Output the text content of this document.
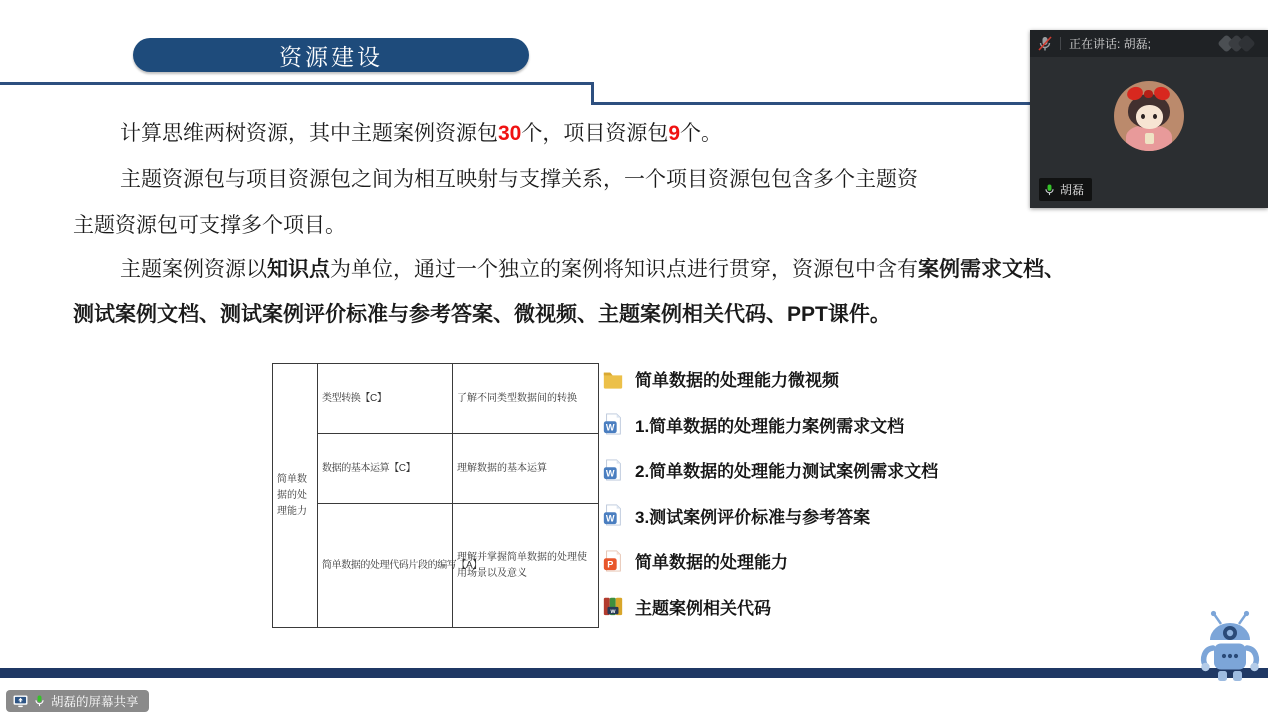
资源建设
计算思维两树资源，其中主题案例资源包30个，项目资源包9个。
主题资源包与项目资源包之间为相互映射与支撑关系，一个项目资源包包含多个主题资
主题资源包可支撑多个项目。
主题案例资源以知识点为单位，通过一个独立的案例将知识点进行贯穿，资源包中含有案例需求文档、
测试案例文档、测试案例评价标准与参考答案、微视频、主题案例相关代码、PPT课件。
简单数据的处理能力	类型转换【C】	了解不同类型数据间的转换
	数据的基本运算【C】	理解数据的基本运算
	简单数据的处理代码片段的编写【A】	理解并掌握简单数据的处理使用场景以及意义
简单数据的处理能力微视频
W 1.简单数据的处理能力案例需求文档
W 2.简单数据的处理能力测试案例需求文档
W 3.测试案例评价标准与参考答案
P 简单数据的处理能力
w 主题案例相关代码
正在讲话: 胡磊;
胡磊
胡磊的屏幕共享
